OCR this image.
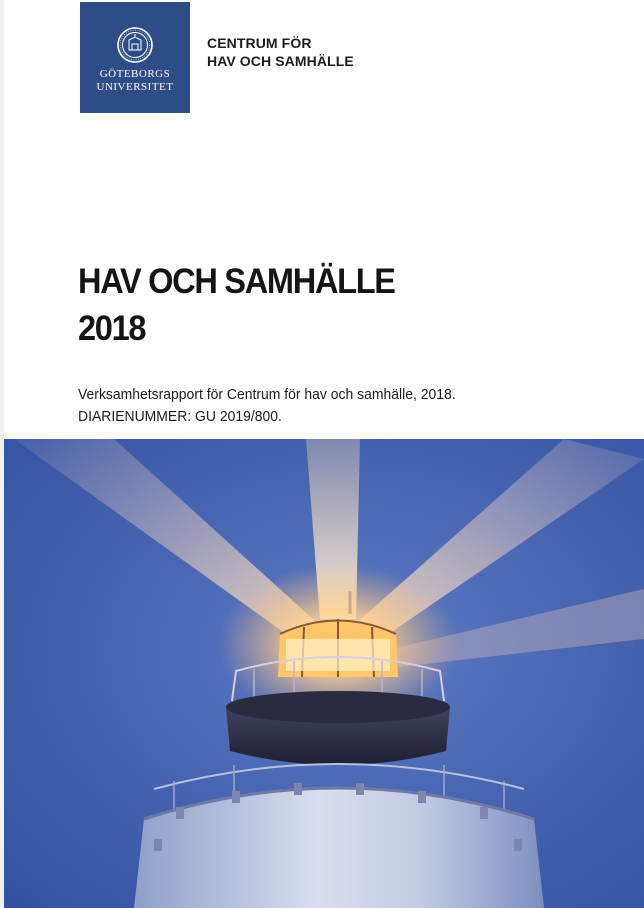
GÖTEBORGS
UNIVERSITET
CENTRUM FÖR
HAV OCH SAMHÄLLE
HAV OCH SAMHÄLLE
2018
Verksamhetsrapport för Centrum för hav och samhälle, 2018.
DIARIENUMMER: GU 2019/800.
